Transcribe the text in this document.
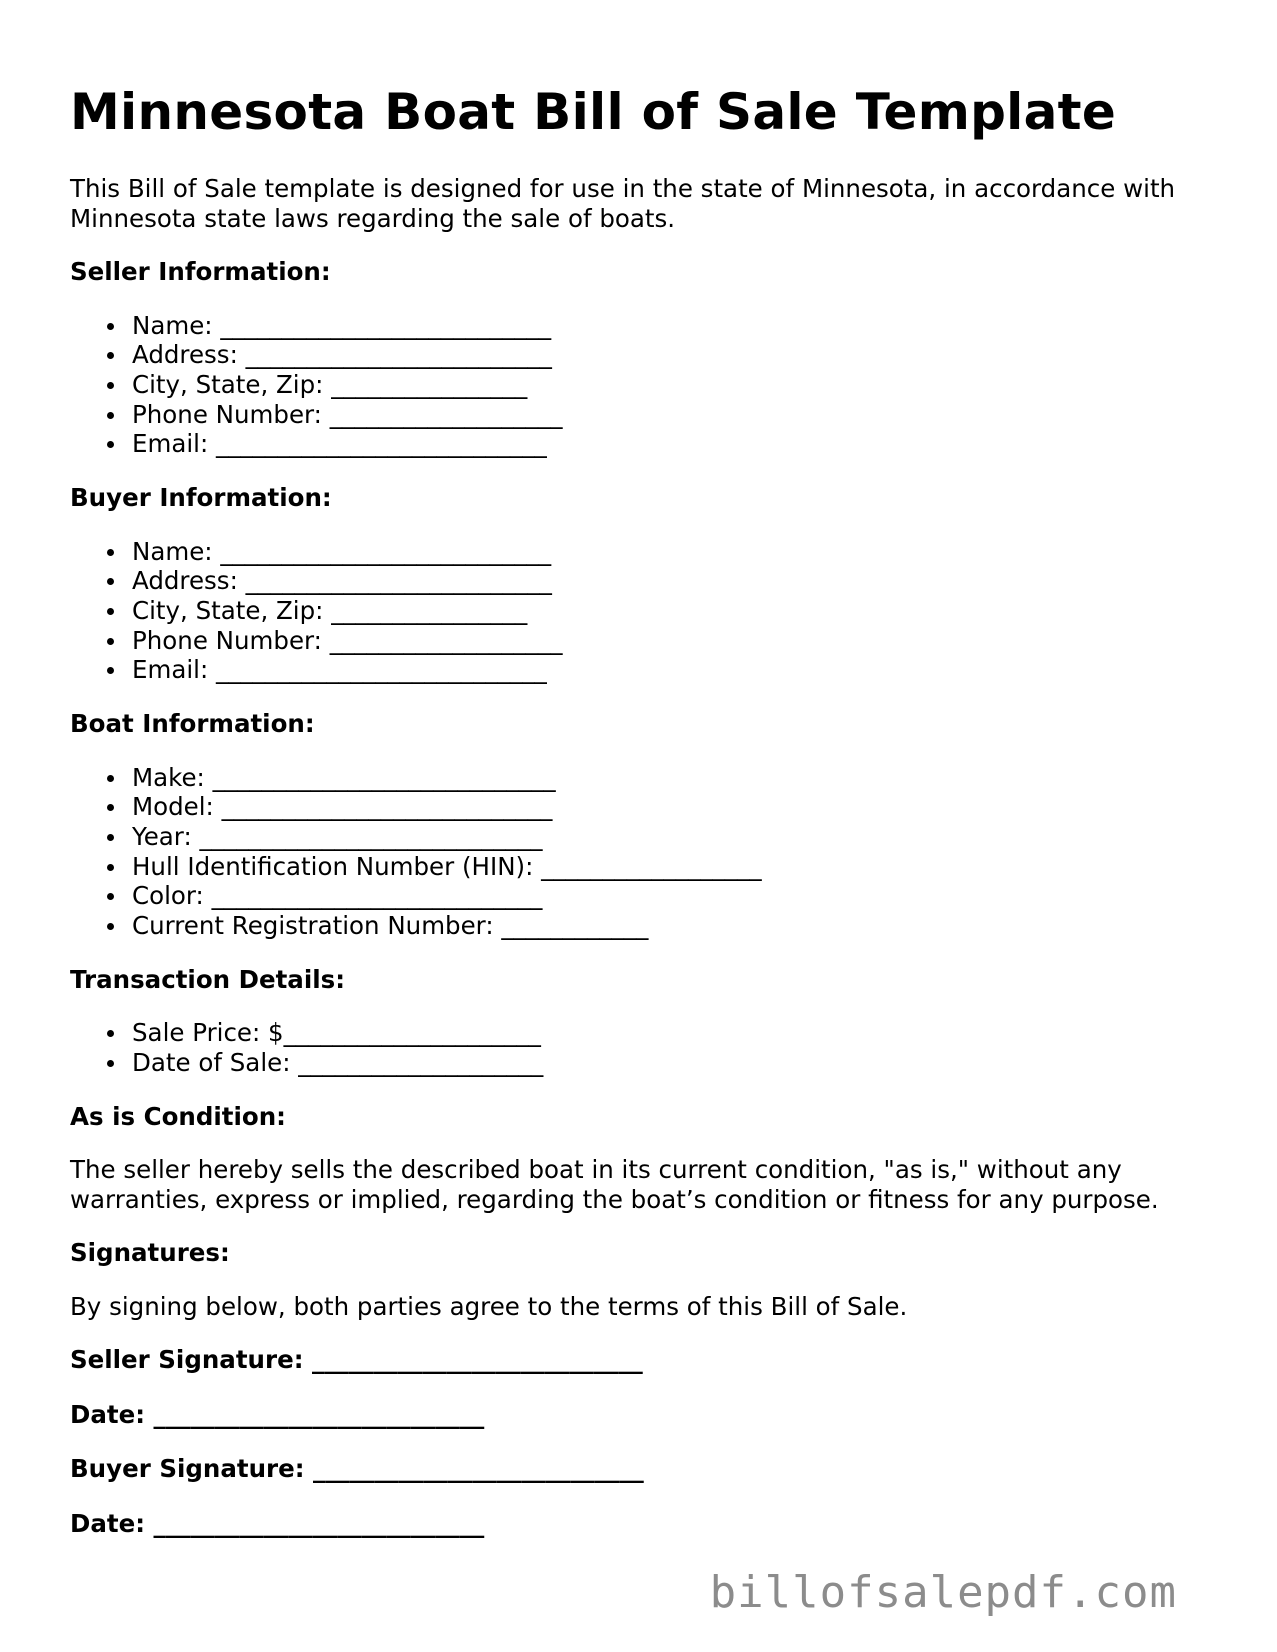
Minnesota Boat Bill of Sale Template

This Bill of Sale template is designed for use in the state of Minnesota, in accordance with Minnesota state laws regarding the sale of boats.

Seller Information:
Name: ___________________________
Address: _________________________
City, State, Zip: ________________
Phone Number: ___________________
Email: ___________________________
Buyer Information:
Name: ___________________________
Address: _________________________
City, State, Zip: ________________
Phone Number: ___________________
Email: ___________________________
Boat Information:
Make: ____________________________
Model: ___________________________
Year: ____________________________
Hull Identification Number (HIN): __________________
Color: ___________________________
Current Registration Number: ____________
Transaction Details:
Sale Price: $_____________________
Date of Sale: ____________________
As is Condition:

The seller hereby sells the described boat in its current condition, "as is," without any warranties, express or implied, regarding the boat’s condition or fitness for any purpose.

Signatures:

By signing below, both parties agree to the terms of this Bill of Sale.

Seller Signature: ___________________________
Date: ___________________________
Buyer Signature: ___________________________
Date: ___________________________
billofsalepdf.com
